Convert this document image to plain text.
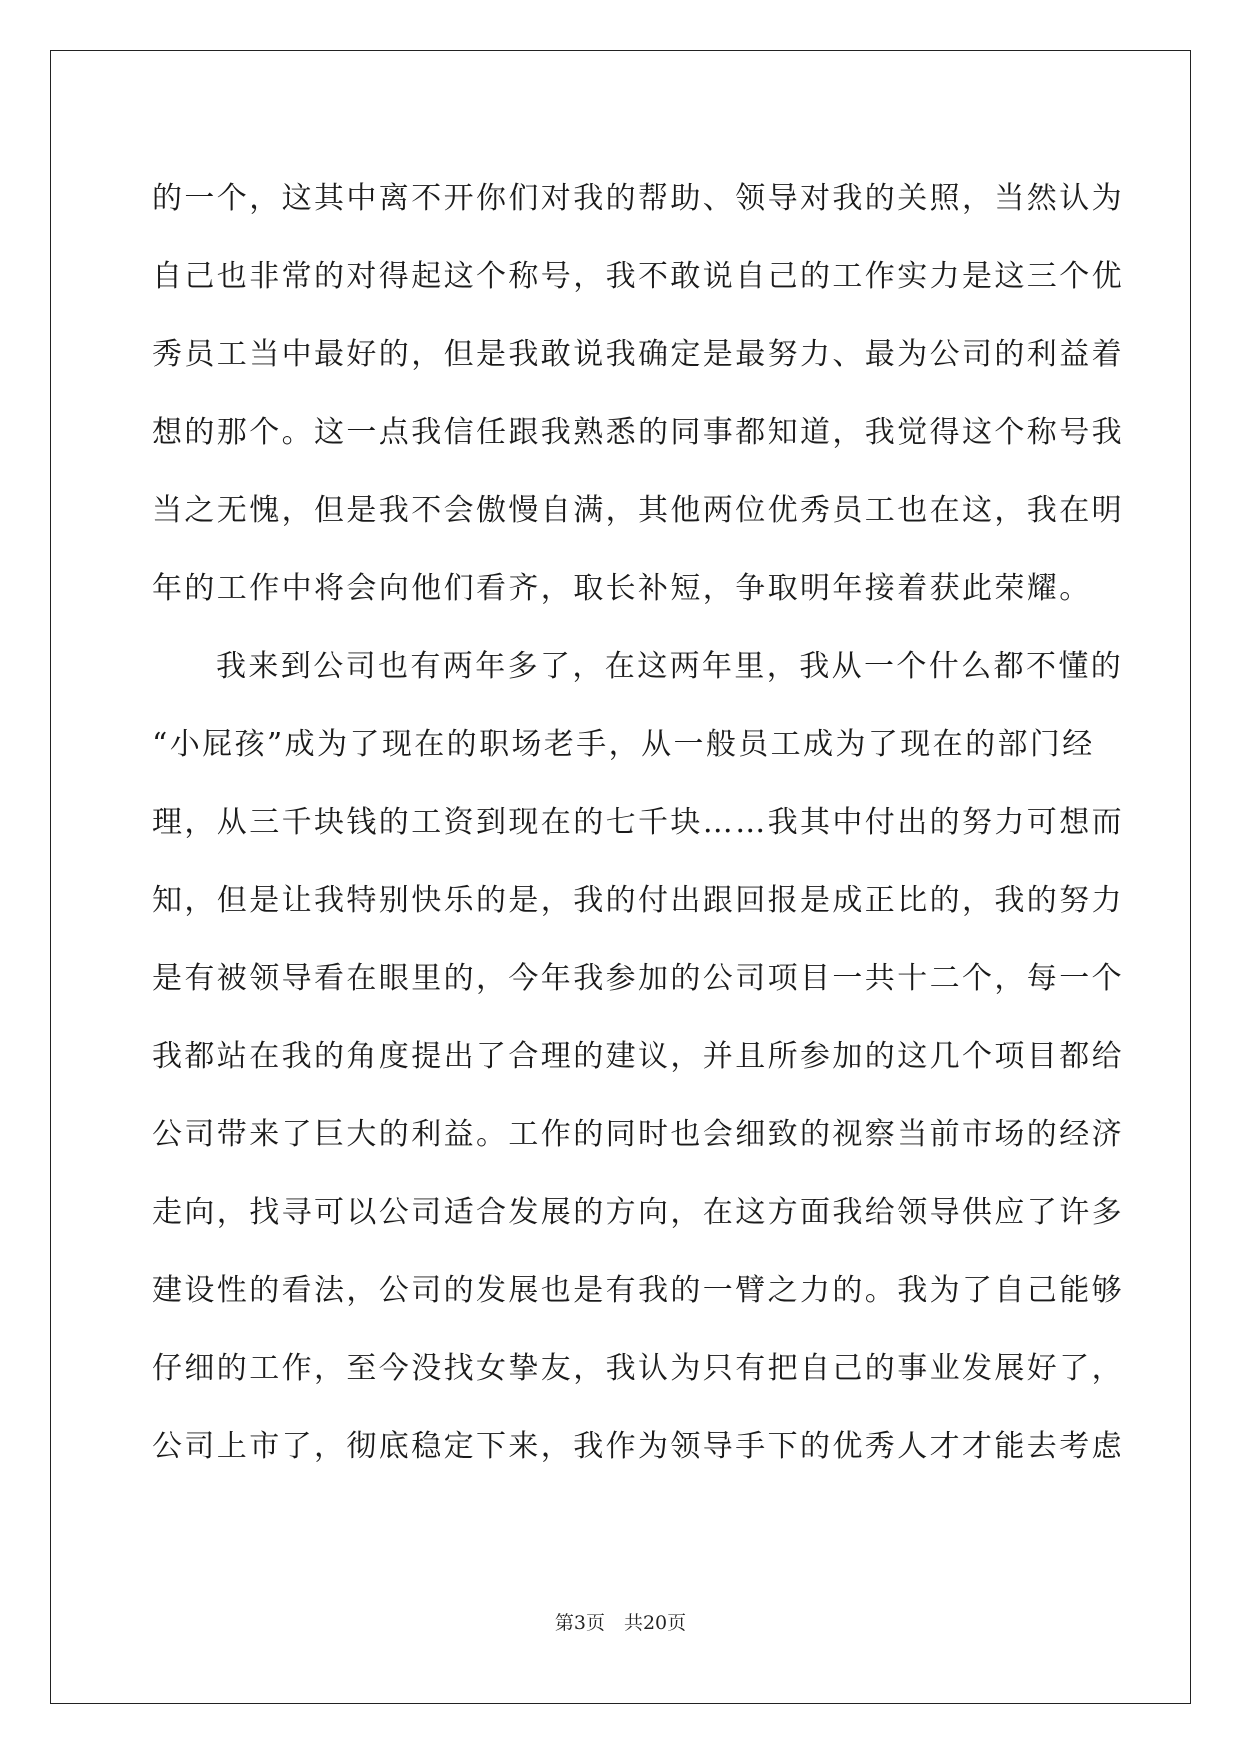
的一个，这其中离不开你们对我的帮助、领导对我的关照，当然认为
自己也非常的对得起这个称号，我不敢说自己的工作实力是这三个优
秀员工当中最好的，但是我敢说我确定是最努力、最为公司的利益着
想的那个。这一点我信任跟我熟悉的同事都知道，我觉得这个称号我
当之无愧，但是我不会傲慢自满，其他两位优秀员工也在这，我在明
年的工作中将会向他们看齐，取长补短，争取明年接着获此荣耀。
我来到公司也有两年多了，在这两年里，我从一个什么都不懂的
“小屁孩”成为了现在的职场老手，从一般员工成为了现在的部门经
理，从三千块钱的工资到现在的七千块……我其中付出的努力可想而
知，但是让我特别快乐的是，我的付出跟回报是成正比的，我的努力
是有被领导看在眼里的，今年我参加的公司项目一共十二个，每一个
我都站在我的角度提出了合理的建议，并且所参加的这几个项目都给
公司带来了巨大的利益。工作的同时也会细致的视察当前市场的经济
走向，找寻可以公司适合发展的方向，在这方面我给领导供应了许多
建设性的看法，公司的发展也是有我的一臂之力的。我为了自己能够
仔细的工作，至今没找女挚友，我认为只有把自己的事业发展好了，
公司上市了，彻底稳定下来，我作为领导手下的优秀人才才能去考虑
第3页　共20页
